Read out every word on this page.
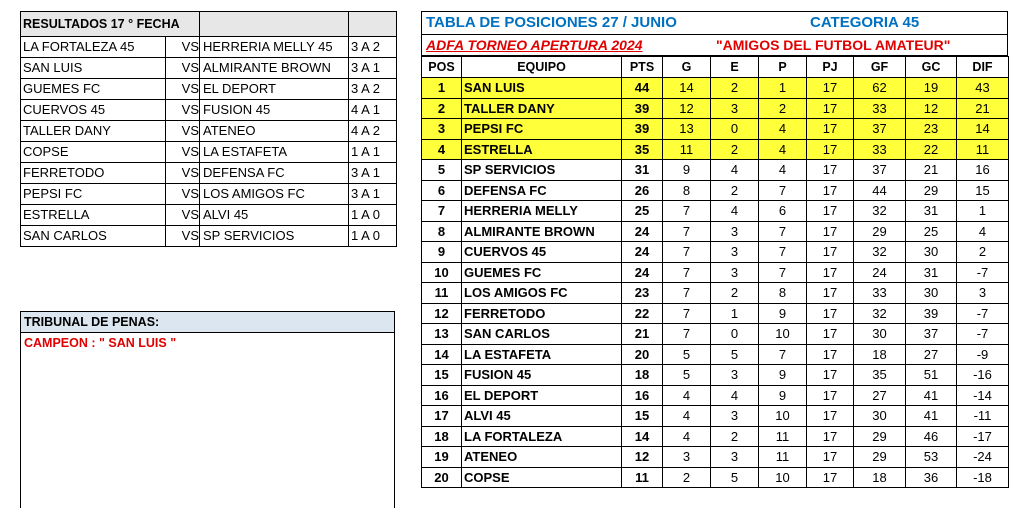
RESULTADOS 17 ° FECHA			
LA FORTALEZA 45	VS	HERRERIA MELLY 45	3 A 2
SAN LUIS	VS	ALMIRANTE BROWN	3 A 1
GUEMES FC	VS	EL DEPORT	3 A 2
CUERVOS 45	VS	FUSION 45	4 A 1
TALLER DANY	VS	ATENEO	4 A 2
COPSE	VS	LA ESTAFETA	1 A 1
FERRETODO	VS	DEFENSA FC	3 A 1
PEPSI FC	VS	LOS AMIGOS FC	3 A 1
ESTRELLA	VS	ALVI 45	1 A 0
SAN CARLOS	VS	SP SERVICIOS	1 A 0
TRIBUNAL DE PENAS:
CAMPEON : " SAN LUIS "
TABLA DE POSICIONES 27 / JUNIO	CATEGORIA 45
ADFA TORNEO APERTURA 2024	"AMIGOS DEL FUTBOL AMATEUR"
POS	EQUIPO	PTS	G	E	P	PJ	GF	GC	DIF
1	SAN LUIS	44	14	2	1	17	62	19	43
2	TALLER DANY	39	12	3	2	17	33	12	21
3	PEPSI FC	39	13	0	4	17	37	23	14
4	ESTRELLA	35	11	2	4	17	33	22	11
5	SP SERVICIOS	31	9	4	4	17	37	21	16
6	DEFENSA FC	26	8	2	7	17	44	29	15
7	HERRERIA MELLY	25	7	4	6	17	32	31	1
8	ALMIRANTE BROWN	24	7	3	7	17	29	25	4
9	CUERVOS 45	24	7	3	7	17	32	30	2
10	GUEMES FC	24	7	3	7	17	24	31	-7
11	LOS AMIGOS FC	23	7	2	8	17	33	30	3
12	FERRETODO	22	7	1	9	17	32	39	-7
13	SAN CARLOS	21	7	0	10	17	30	37	-7
14	LA ESTAFETA	20	5	5	7	17	18	27	-9
15	FUSION 45	18	5	3	9	17	35	51	-16
16	EL DEPORT	16	4	4	9	17	27	41	-14
17	ALVI 45	15	4	3	10	17	30	41	-11
18	LA FORTALEZA	14	4	2	11	17	29	46	-17
19	ATENEO	12	3	3	11	17	29	53	-24
20	COPSE	11	2	5	10	17	18	36	-18
